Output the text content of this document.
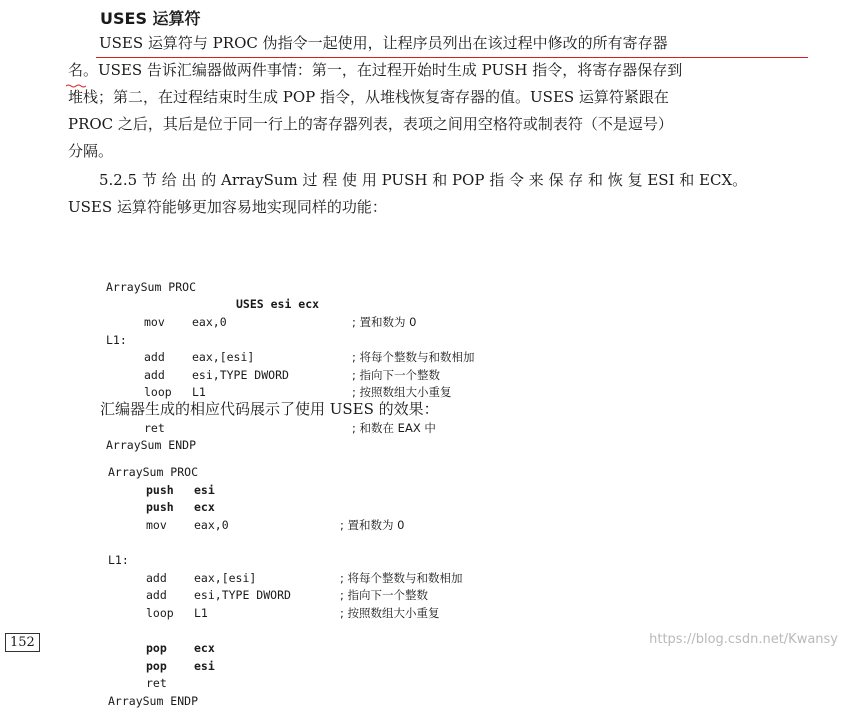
USES 运算符
USES 运算符与 PROC 伪指令一起使用，让程序员列出在该过程中修改的所有寄存器
名。USES 告诉汇编器做两件事情：第一，在过程开始时生成 PUSH 指令，将寄存器保存到
堆栈；第二，在过程结束时生成 POP 指令，从堆栈恢复寄存器的值。USES 运算符紧跟在
PROC 之后，其后是位于同一行上的寄存器列表，表项之间用空格符或制表符（不是逗号）
分隔。
5.2.5 节 给 出 的 ArraySum 过 程 使 用 PUSH 和 POP 指 令 来 保 存 和 恢 复 ESI 和 ECX。
USES 运算符能够更加容易地实现同样的功能：

ArraySum PROC

USES esi ecx

mov eax,0	; 置和数为 0
L1:
add eax,[esi]	; 将每个整数与和数相加
add esi,TYPE DWORD	; 指向下一个整数
loop L1	; 按照数组大小重复
ret	; 和数在 EAX 中
ArraySum ENDP

汇编器生成的相应代码展示了使用 USES 的效果：

ArraySum PROC
push esi
push ecx
mov eax,0	; 置和数为 0
L1:
add eax,[esi]	; 将每个整数与和数相加
add esi,TYPE DWORD	; 指向下一个整数
loop L1	; 按照数组大小重复
pop ecx
pop esi
ret
ArraySum ENDP

152	https://blog.csdn.net/Kwansy
